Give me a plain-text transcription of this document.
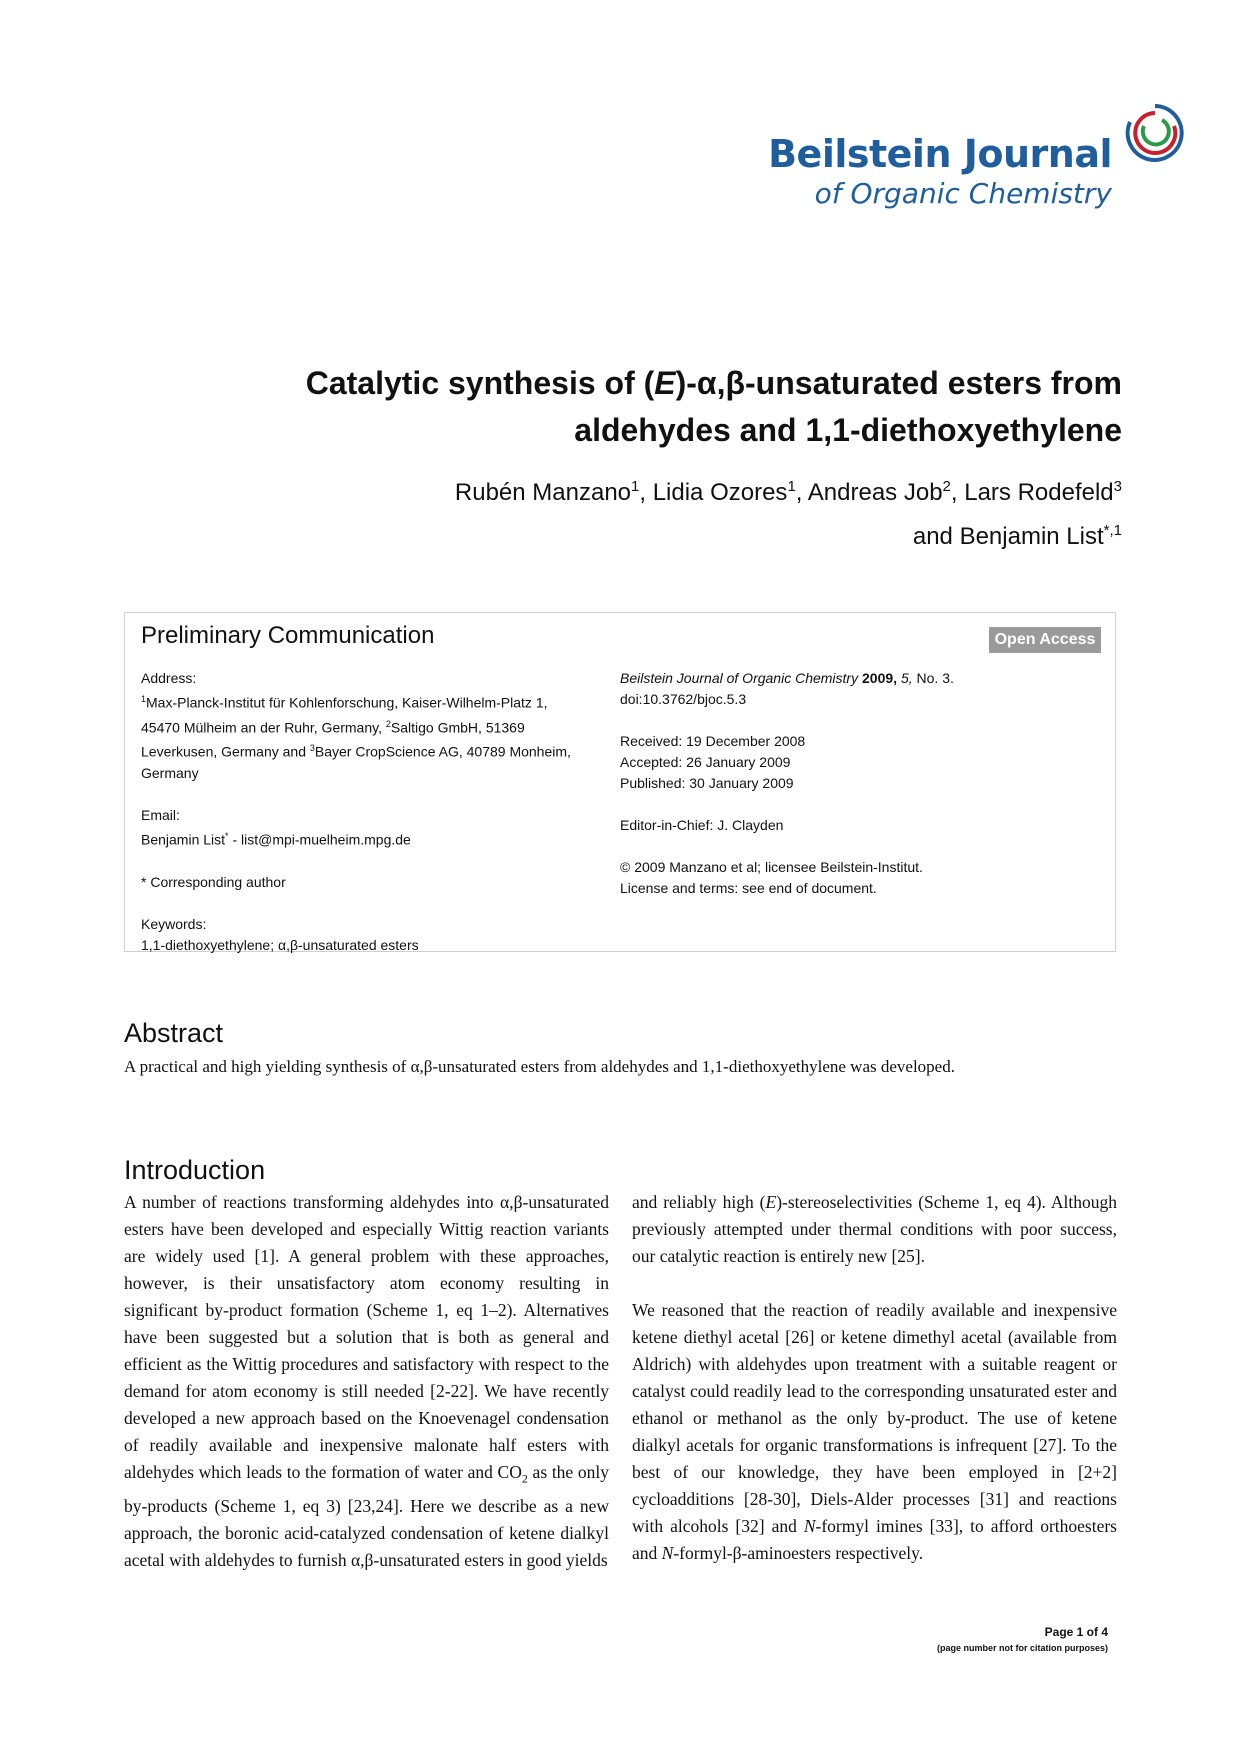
Beilstein Journal
of Organic Chemistry
Catalytic synthesis of (E)-α,β-unsaturated esters from
aldehydes and 1,1-diethoxyethylene
Rubén Manzano$^1$, Lidia Ozores$^1$, Andreas Job$^2$, Lars Rodefeld$^3$
and Benjamin List$^{*,1}$
Preliminary Communication	Open Access

Address:

$^1$Max-Planck-Institut für Kohlenforschung, Kaiser-Wilhelm-Platz 1,

45470 Mülheim an der Ruhr, Germany, $^2$Saltigo GmbH, 51369

Leverkusen, Germany and $^3$Bayer CropScience AG, 40789 Monheim,

Germany

Email:

Benjamin List* - list@mpi-muelheim.mpg.de

* Corresponding author

Keywords:

1,1-diethoxyethylene; α,β-unsaturated esters

Beilstein Journal of Organic Chemistry 2009, 5, No. 3.

doi:10.3762/bjoc.5.3

Received: 19 December 2008

Accepted: 26 January 2009

Published: 30 January 2009

Editor-in-Chief: J. Clayden

© 2009 Manzano et al; licensee Beilstein-Institut.

License and terms: see end of document.

Abstract
A practical and high yielding synthesis of α,β-unsaturated esters from aldehydes and 1,1-diethoxyethylene was developed.
Introduction

A number of reactions transforming aldehydes into α,β-unsaturated esters have been developed and especially Wittig reaction variants are widely used [1]. A general problem with these approaches, however, is their unsatisfactory atom economy resulting in significant by-product formation (Scheme 1, eq 1–2). Alternatives have been suggested but a solution that is both as general and efficient as the Wittig procedures and satisfactory with respect to the demand for atom economy is still needed [2-22]. We have recently developed a new approach based on the Knoevenagel condensation of readily available and inexpensive malonate half esters with aldehydes which leads to the formation of water and $CO_2$ as the only by-products (Scheme 1, eq 3) [23,24]. Here we describe as a new approach, the boronic acid-catalyzed condensation of ketene dialkyl acetal with aldehydes to furnish α,β-unsaturated esters in good yields

and reliably high (E)-stereoselectivities (Scheme 1, eq 4). Although previously attempted under thermal conditions with poor success, our catalytic reaction is entirely new [25].

We reasoned that the reaction of readily available and inexpensive ketene diethyl acetal [26] or ketene dimethyl acetal (available from Aldrich) with aldehydes upon treatment with a suitable reagent or catalyst could readily lead to the corresponding unsaturated ester and ethanol or methanol as the only by-product. The use of ketene dialkyl acetals for organic transformations is infrequent [27]. To the best of our knowledge, they have been employed in [2+2] cycloadditions [28-30], Diels-Alder processes [31] and reactions with alcohols [32] and N-formyl imines [33], to afford orthoesters and N-formyl-β-aminoesters respectively.

Page 1 of 4
(page number not for citation purposes)
